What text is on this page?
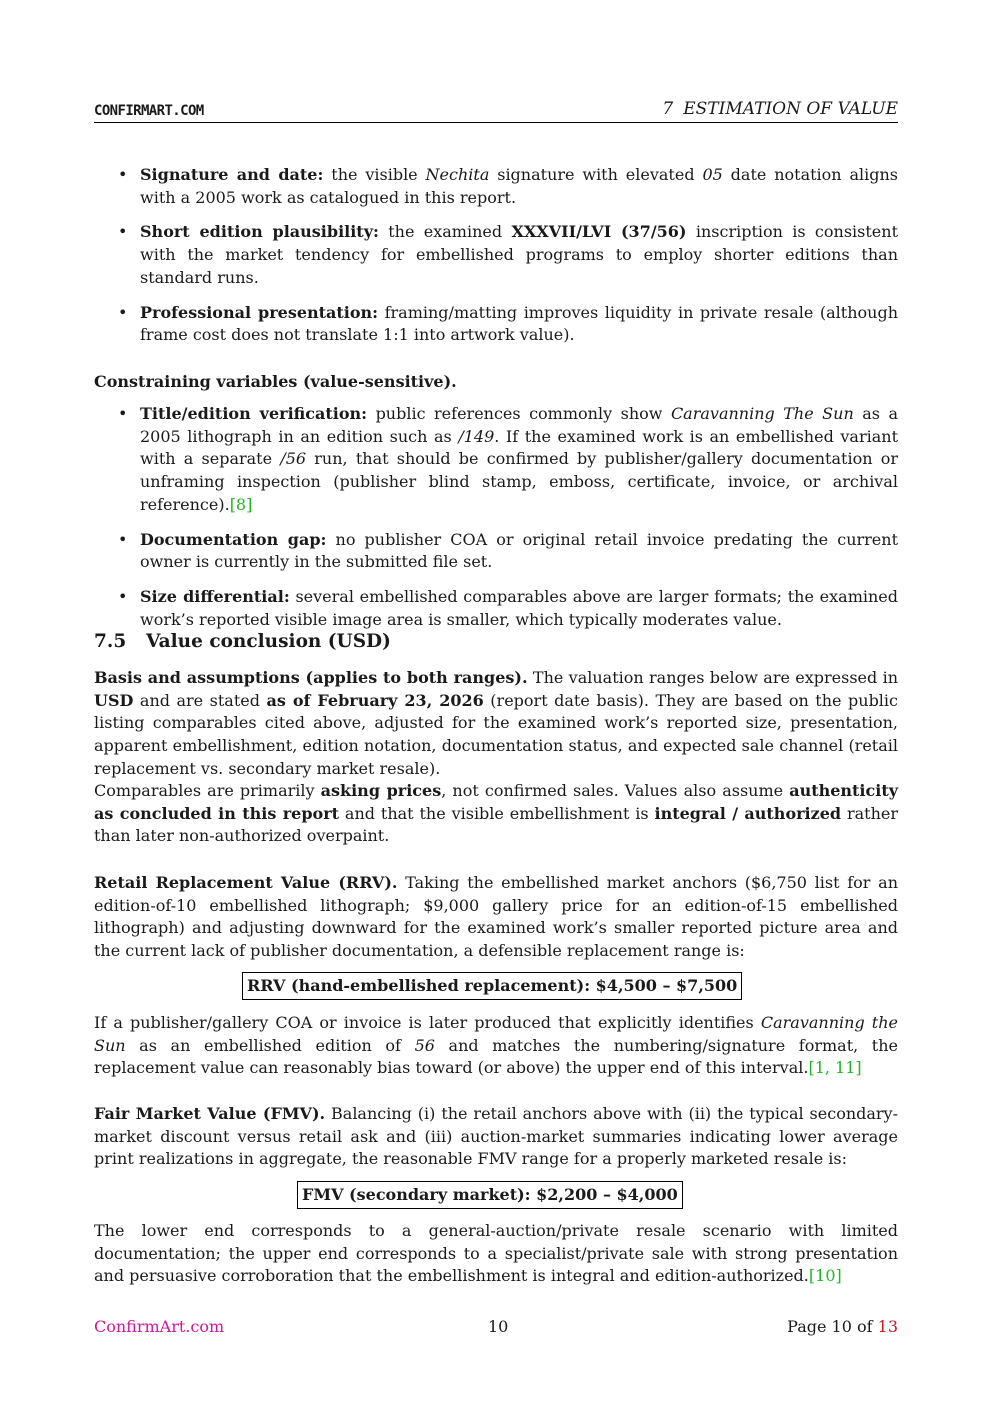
CONFIRMART.COM	7 ESTIMATION OF VALUE
• Signature and date: the visible Nechita signature with elevated 05 date notation aligns with a 2005 work as catalogued in this report.
• Short edition plausibility: the examined XXXVII/LVI (37/56) inscription is consistent with the market tendency for embellished programs to employ shorter editions than standard runs.
• Professional presentation: framing/matting improves liquidity in private resale (although frame cost does not translate 1:1 into artwork value).
Constraining variables (value-sensitive).
• Title/edition verification: public references commonly show Caravanning The Sun as a 2005 lithograph in an edition such as /149. If the examined work is an embellished variant with a separate /56 run, that should be confirmed by publisher/gallery documentation or unframing inspection (publisher blind stamp, emboss, certificate, invoice, or archival reference).[8]
• Documentation gap: no publisher COA or original retail invoice predating the current owner is currently in the submitted file set.
• Size differential: several embellished comparables above are larger formats; the examined work’s reported visible image area is smaller, which typically moderates value.
7.5 Value conclusion (USD)

Basis and assumptions (applies to both ranges). The valuation ranges below are expressed in USD and are stated as of February 23, 2026 (report date basis). They are based on the public listing comparables cited above, adjusted for the examined work’s reported size, presentation, apparent embellishment, edition notation, documentation status, and expected sale channel (retail replacement vs. secondary market resale).

Comparables are primarily asking prices, not confirmed sales. Values also assume authenticity as concluded in this report and that the visible embellishment is integral / authorized rather than later non-authorized overpaint.

Retail Replacement Value (RRV). Taking the embellished market anchors ($6,750 list for an edition-of-10 embellished lithograph; $9,000 gallery price for an edition-of-15 embellished lithograph) and adjusting downward for the examined work’s smaller reported picture area and the current lack of publisher documentation, a defensible replacement range is:

RRV (hand-embellished replacement): $4,500 – $7,500

If a publisher/gallery COA or invoice is later produced that explicitly identifies Caravanning the Sun as an embellished edition of 56 and matches the numbering/signature format, the replacement value can reasonably bias toward (or above) the upper end of this interval.[1, 11]

Fair Market Value (FMV). Balancing (i) the retail anchors above with (ii) the typical secondary-market discount versus retail ask and (iii) auction-market summaries indicating lower average print realizations in aggregate, the reasonable FMV range for a properly marketed resale is:

FMV (secondary market): $2,200 – $4,000

The lower end corresponds to a general-auction/private resale scenario with limited documentation; the upper end corresponds to a specialist/private sale with strong presentation and persuasive corroboration that the embellishment is integral and edition-authorized.[10]

ConfirmArt.com	10	Page 10 of 13
